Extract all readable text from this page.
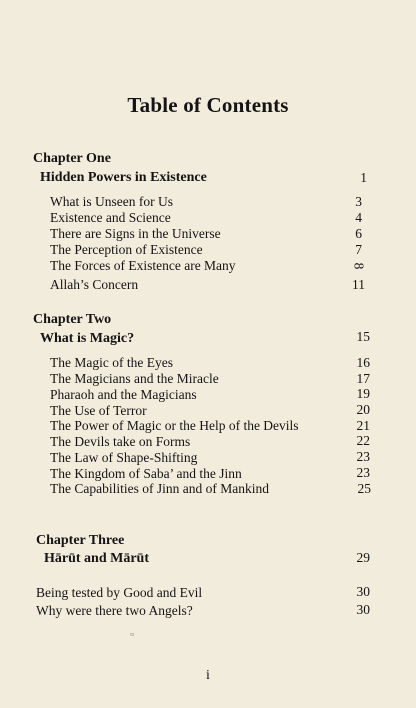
Table of Contents
Chapter One
Hidden Powers in Existence	1
What is Unseen for Us	3
Existence and Science	4
There are Signs in the Universe	6
The Perception of Existence	7
The Forces of Existence are Many	8
Allah’s Concern	11
Chapter Two
What is Magic?	15
The Magic of the Eyes	16
The Magicians and the Miracle	17
Pharaoh and the Magicians	19
The Use of Terror	20
The Power of Magic or the Help of the Devils	21
The Devils take on Forms	22
The Law of Shape-Shifting	23
The Kingdom of Saba’ and the Jinn	23
The Capabilities of Jinn and of Mankind	25
Chapter Three
Hārūt and Mārūt	29
Being tested by Good and Evil	30
Why were there two Angels?	30
≈
i
